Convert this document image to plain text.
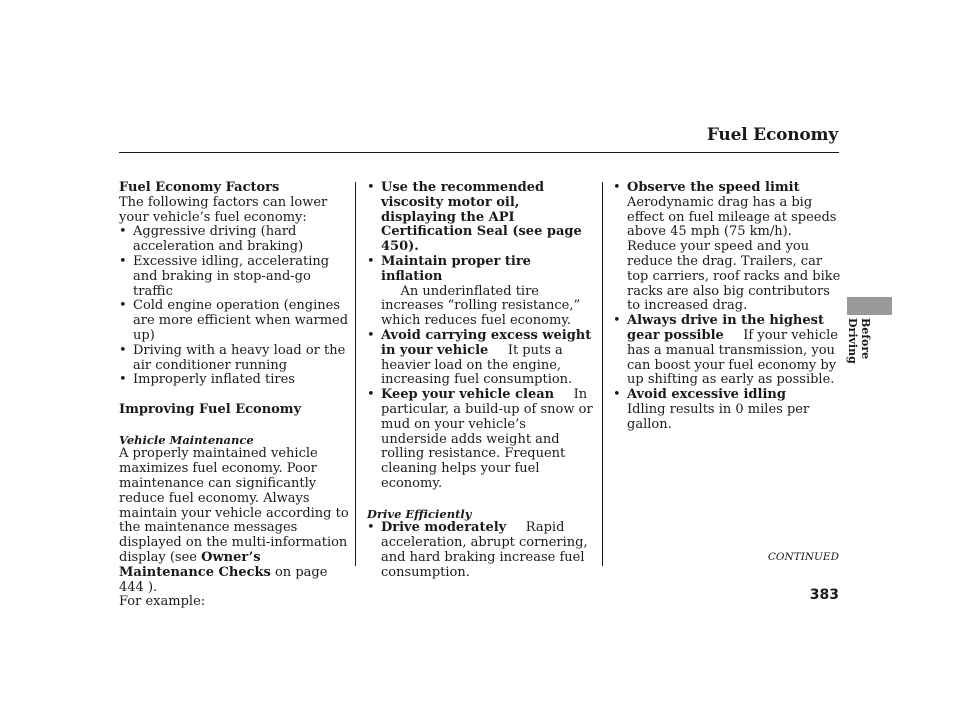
Fuel Economy

Fuel Economy Factors

The following factors can lower your vehicle’s fuel economy:

• Aggressive driving (hard acceleration and braking)
• Excessive idling, accelerating and braking in stop-and-go traffic
• Cold engine operation (engines are more efficient when warmed up)
• Driving with a heavy load or the air conditioner running
• Improperly inflated tires

Improving Fuel Economy

Vehicle Maintenance

A properly maintained vehicle maximizes fuel economy. Poor maintenance can significantly reduce fuel economy. Always maintain your vehicle according to the maintenance messages displayed on the multi-information display (see Owner’s Maintenance Checks on page 444 ).

For example:

• Use the recommended viscosity motor oil, displaying the API Certification Seal (see page 450).
• Maintain proper tire inflation
  An underinflated tire increases “rolling resistance,” which reduces fuel economy.
• Avoid carrying excess weight in your vehicle   It puts a heavier load on the engine, increasing fuel consumption.
• Keep your vehicle clean   In particular, a build-up of snow or mud on your vehicle’s underside adds weight and rolling resistance. Frequent cleaning helps your fuel economy.

Drive Efficiently

• Drive moderately   Rapid acceleration, abrupt cornering, and hard braking increase fuel consumption.
• Observe the speed limit
Aerodynamic drag has a big effect on fuel mileage at speeds above 45 mph (75 km/h). Reduce your speed and you reduce the drag. Trailers, car top carriers, roof racks and bike racks are also big contributors to increased drag.
• Always drive in the highest gear possible   If your vehicle has a manual transmission, you can boost your fuel economy by up shifting as early as possible.
• Avoid excessive idling  Idling results in 0 miles per gallon.
Before Driving
CONTINUED
383
